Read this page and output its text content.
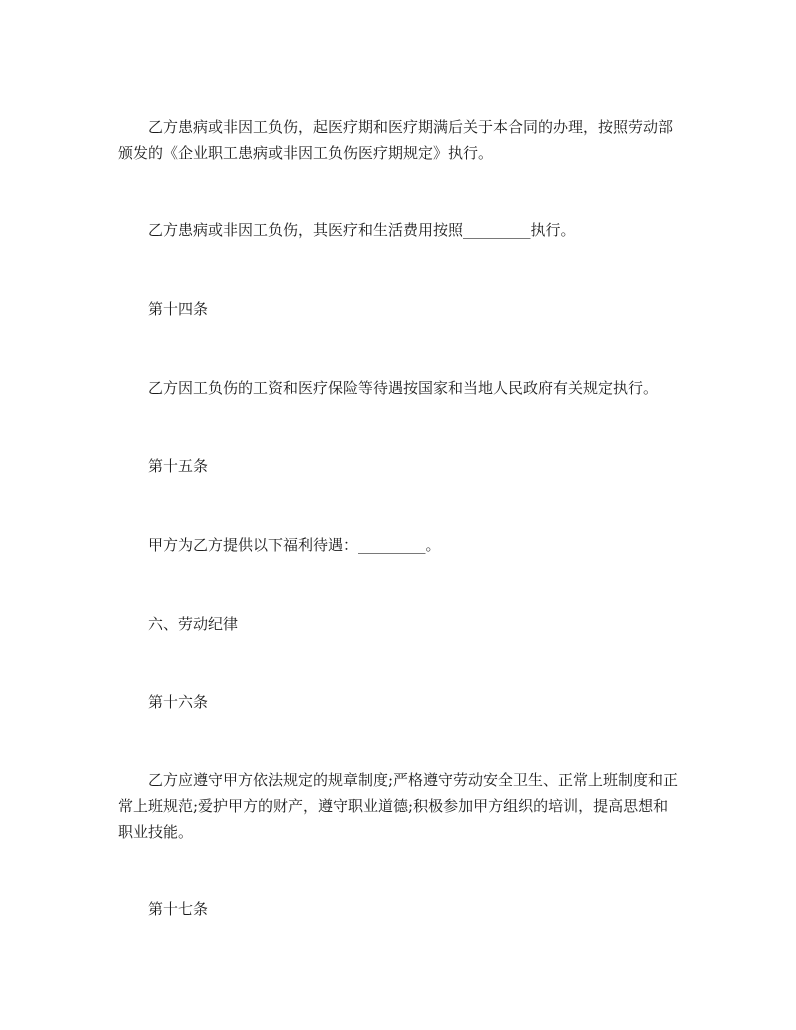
乙方患病或非因工负伤，起医疗期和医疗期满后关于本合同的办理，按照劳动部颁发的《企业职工患病或非因工负伤医疗期规定》执行。

乙方患病或非因工负伤，其医疗和生活费用按照_________执行。

第十四条

乙方因工负伤的工资和医疗保险等待遇按国家和当地人民政府有关规定执行。

第十五条

甲方为乙方提供以下福利待遇：_________。

六、劳动纪律

第十六条

乙方应遵守甲方依法规定的规章制度;严格遵守劳动安全卫生、正常上班制度和正常上班规范;爱护甲方的财产，遵守职业道德;积极参加甲方组织的培训，提高思想和职业技能。

第十七条
